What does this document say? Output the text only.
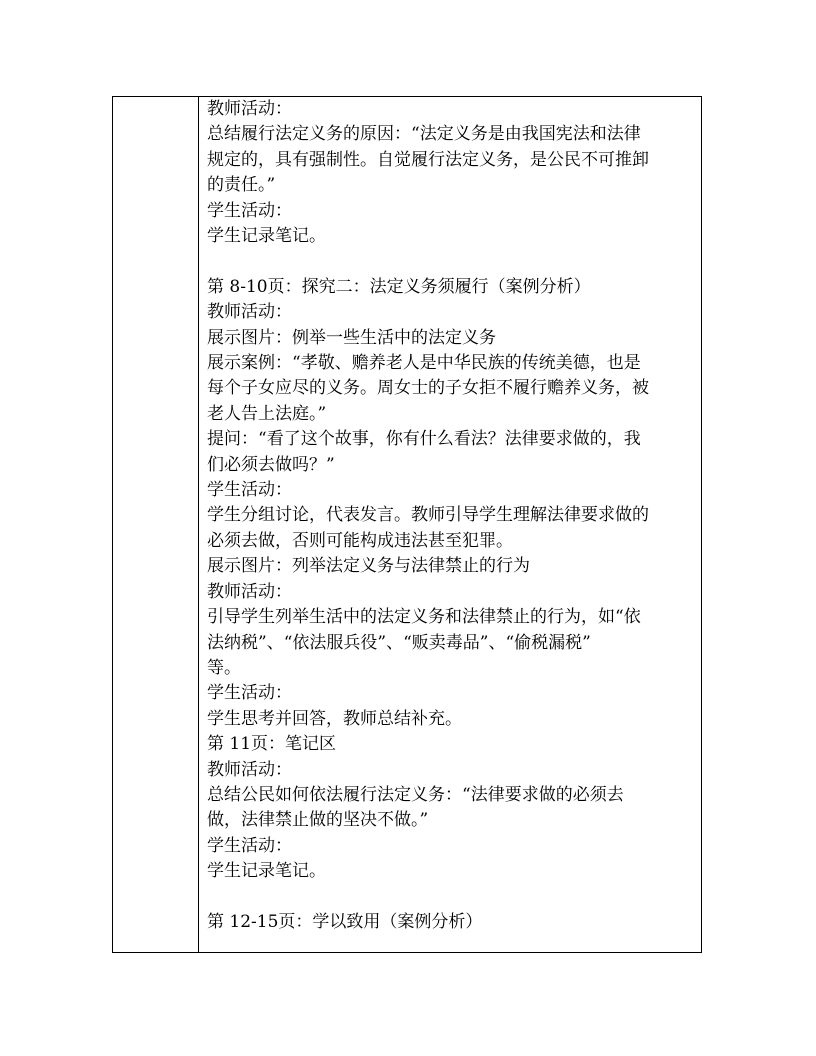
教师活动：
总结履行法定义务的原因：“法定义务是由我国宪法和法律
规定的，具有强制性。自觉履行法定义务，是公民不可推卸
的责任。”
学生活动：
学生记录笔记。
第 8-10页：探究二：法定义务须履行（案例分析）
教师活动：
展示图片：例举一些生活中的法定义务
展示案例：“孝敬、赡养老人是中华民族的传统美德，也是
每个子女应尽的义务。周女士的子女拒不履行赡养义务，被
老人告上法庭。”
提问：“看了这个故事，你有什么看法？法律要求做的，我
们必须去做吗？”
学生活动：
学生分组讨论，代表发言。教师引导学生理解法律要求做的
必须去做，否则可能构成违法甚至犯罪。
展示图片：列举法定义务与法律禁止的行为
教师活动：
引导学生列举生活中的法定义务和法律禁止的行为，如“依
法纳税”、“依法服兵役”、“贩卖毒品”、“偷税漏税”
等。
学生活动：
学生思考并回答，教师总结补充。
第 11页：笔记区
教师活动：
总结公民如何依法履行法定义务：“法律要求做的必须去
做，法律禁止做的坚决不做。”
学生活动：
学生记录笔记。
第 12-15页：学以致用（案例分析）
